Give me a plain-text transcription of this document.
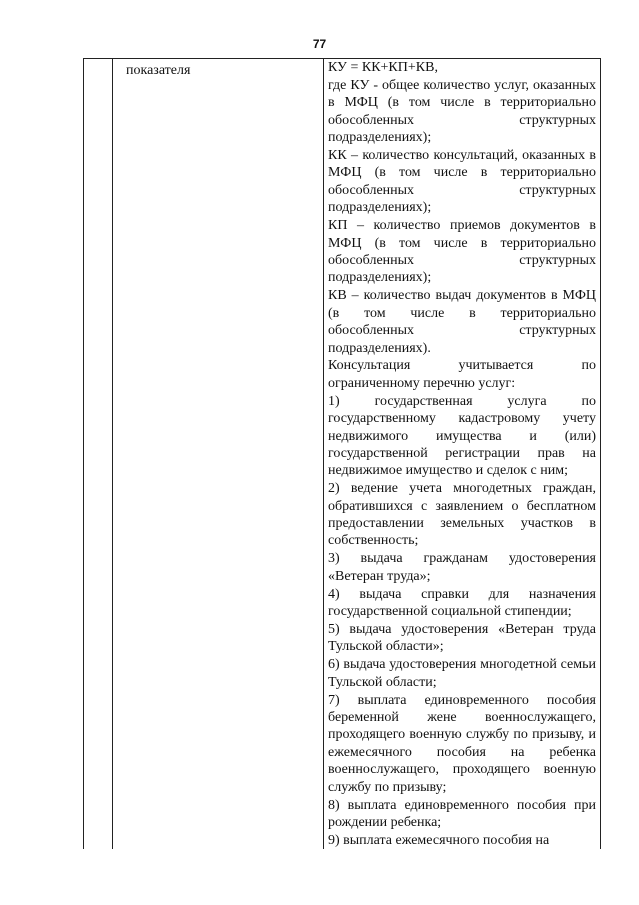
77
показателя	КУ = КК+КП+КВ,

где КУ - общее количество услуг, оказанных в МФЦ (в том числе в территориально обособленных структурных подразделениях);

КК – количество консультаций, оказанных в МФЦ (в том числе в территориально обособленных структурных подразделениях);

КП – количество приемов документов в МФЦ (в том числе в территориально обособленных структурных подразделениях);

КВ – количество выдач документов в МФЦ (в том числе в территориально обособленных структурных подразделениях).

Консультация учитывается по ограниченному перечню услуг:

1) государственная услуга по государственному кадастровому учету недвижимого имущества и (или) государственной регистрации прав на недвижимое имущество и сделок с ним;

2) ведение учета многодетных граждан, обратившихся с заявлением о бесплатном предоставлении земельных участков в собственность;

3) выдача гражданам удостоверения «Ветеран труда»;

4) выдача справки для назначения государственной социальной стипендии;

5) выдача удостоверения «Ветеран труда Тульской области»;

6) выдача удостоверения многодетной семьи Тульской области;

7) выплата единовременного пособия беременной жене военнослужащего, проходящего военную службу по призыву, и ежемесячного пособия на ребенка военнослужащего, проходящего военную службу по призыву;

8) выплата единовременного пособия при рождении ребенка;

9) выплата ежемесячного пособия на
